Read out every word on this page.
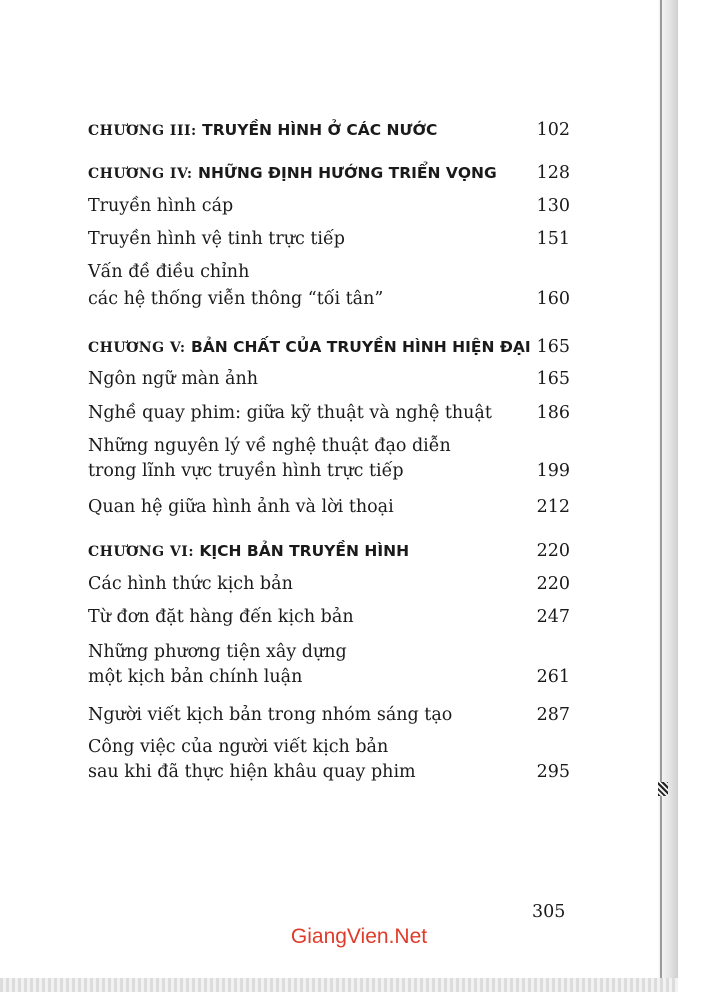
CHƯƠNG III: TRUYỀN HÌNH Ở CÁC NƯỚC	102
CHƯƠNG IV: NHỮNG ĐỊNH HƯỚNG TRIỂN VỌNG 128
Truyền hình cáp	130
Truyền hình vệ tinh trực tiếp	151
Vấn đề điều chỉnh
các hệ thống viễn thông “tối tân”	160
CHƯƠNG V: BẢN CHẤT CỦA TRUYỀN HÌNH HIỆN ĐẠI 165
Ngôn ngữ màn ảnh	165
Nghề quay phim: giữa kỹ thuật và nghệ thuật	186
Những nguyên lý về nghệ thuật đạo diễn
trong lĩnh vực truyền hình trực tiếp	199
Quan hệ giữa hình ảnh và lời thoại	212
CHƯƠNG VI: KỊCH BẢN TRUYỀN HÌNH	220
Các hình thức kịch bản	220
Từ đơn đặt hàng đến kịch bản	247
Những phương tiện xây dựng
một kịch bản chính luận	261
Người viết kịch bản trong nhóm sáng tạo	287
Công việc của người viết kịch bản
sau khi đã thực hiện khâu quay phim	295
305
GiangVien.Net
